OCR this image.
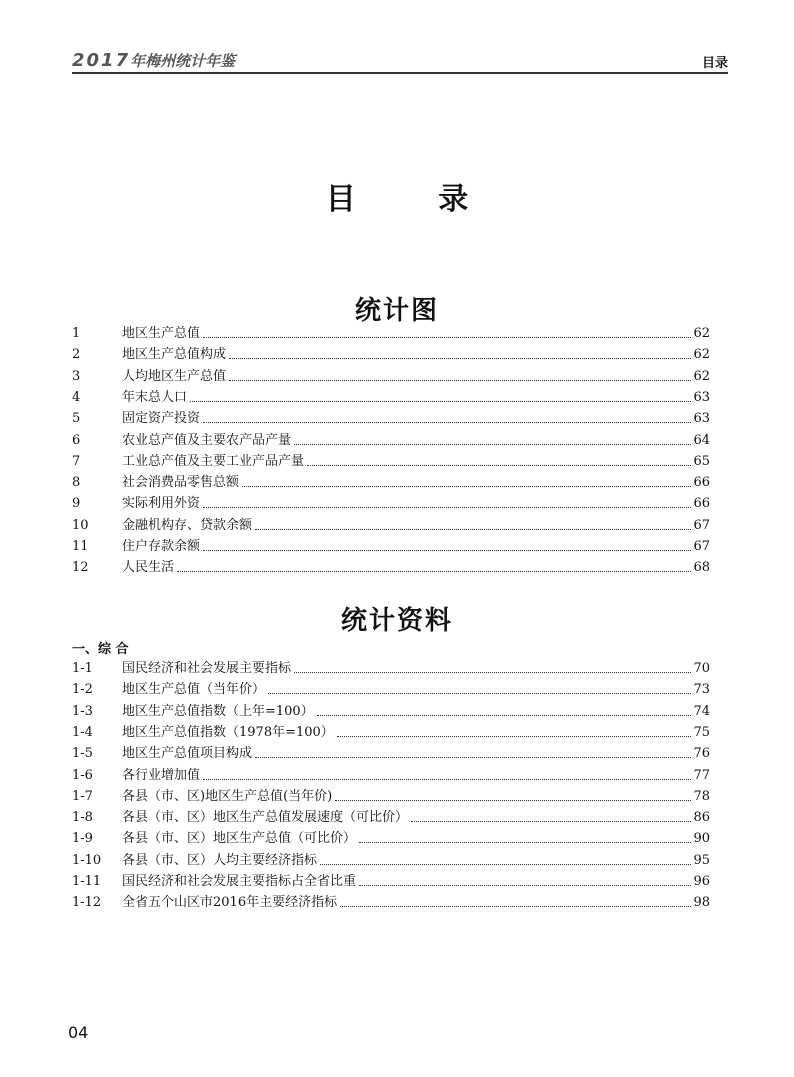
2017年梅州统计年鉴	目录
目 录
统计图
1	地区生产总值	62
2	地区生产总值构成	62
3	人均地区生产总值	62
4	年末总人口	63
5	固定资产投资	63
6	农业总产值及主要农产品产量	64
7	工业总产值及主要工业产品产量	65
8	社会消费品零售总额	66
9	实际利用外资	66
10	金融机构存、贷款余额	67
11	住户存款余额	67
12	人民生活	68
统计资料
一、综 合
1-1	国民经济和社会发展主要指标	70
1-2	地区生产总值（当年价）	73
1-3	地区生产总值指数（上年=100）	74
1-4	地区生产总值指数（1978年=100）	75
1-5	地区生产总值项目构成	76
1-6	各行业增加值	77
1-7	各县（市、区)地区生产总值(当年价)	78
1-8	各县（市、区）地区生产总值发展速度（可比价）	86
1-9	各县（市、区）地区生产总值（可比价）	90
1-10	各县（市、区）人均主要经济指标	95
1-11	国民经济和社会发展主要指标占全省比重	96
1-12	全省五个山区市2016年主要经济指标	98
04
